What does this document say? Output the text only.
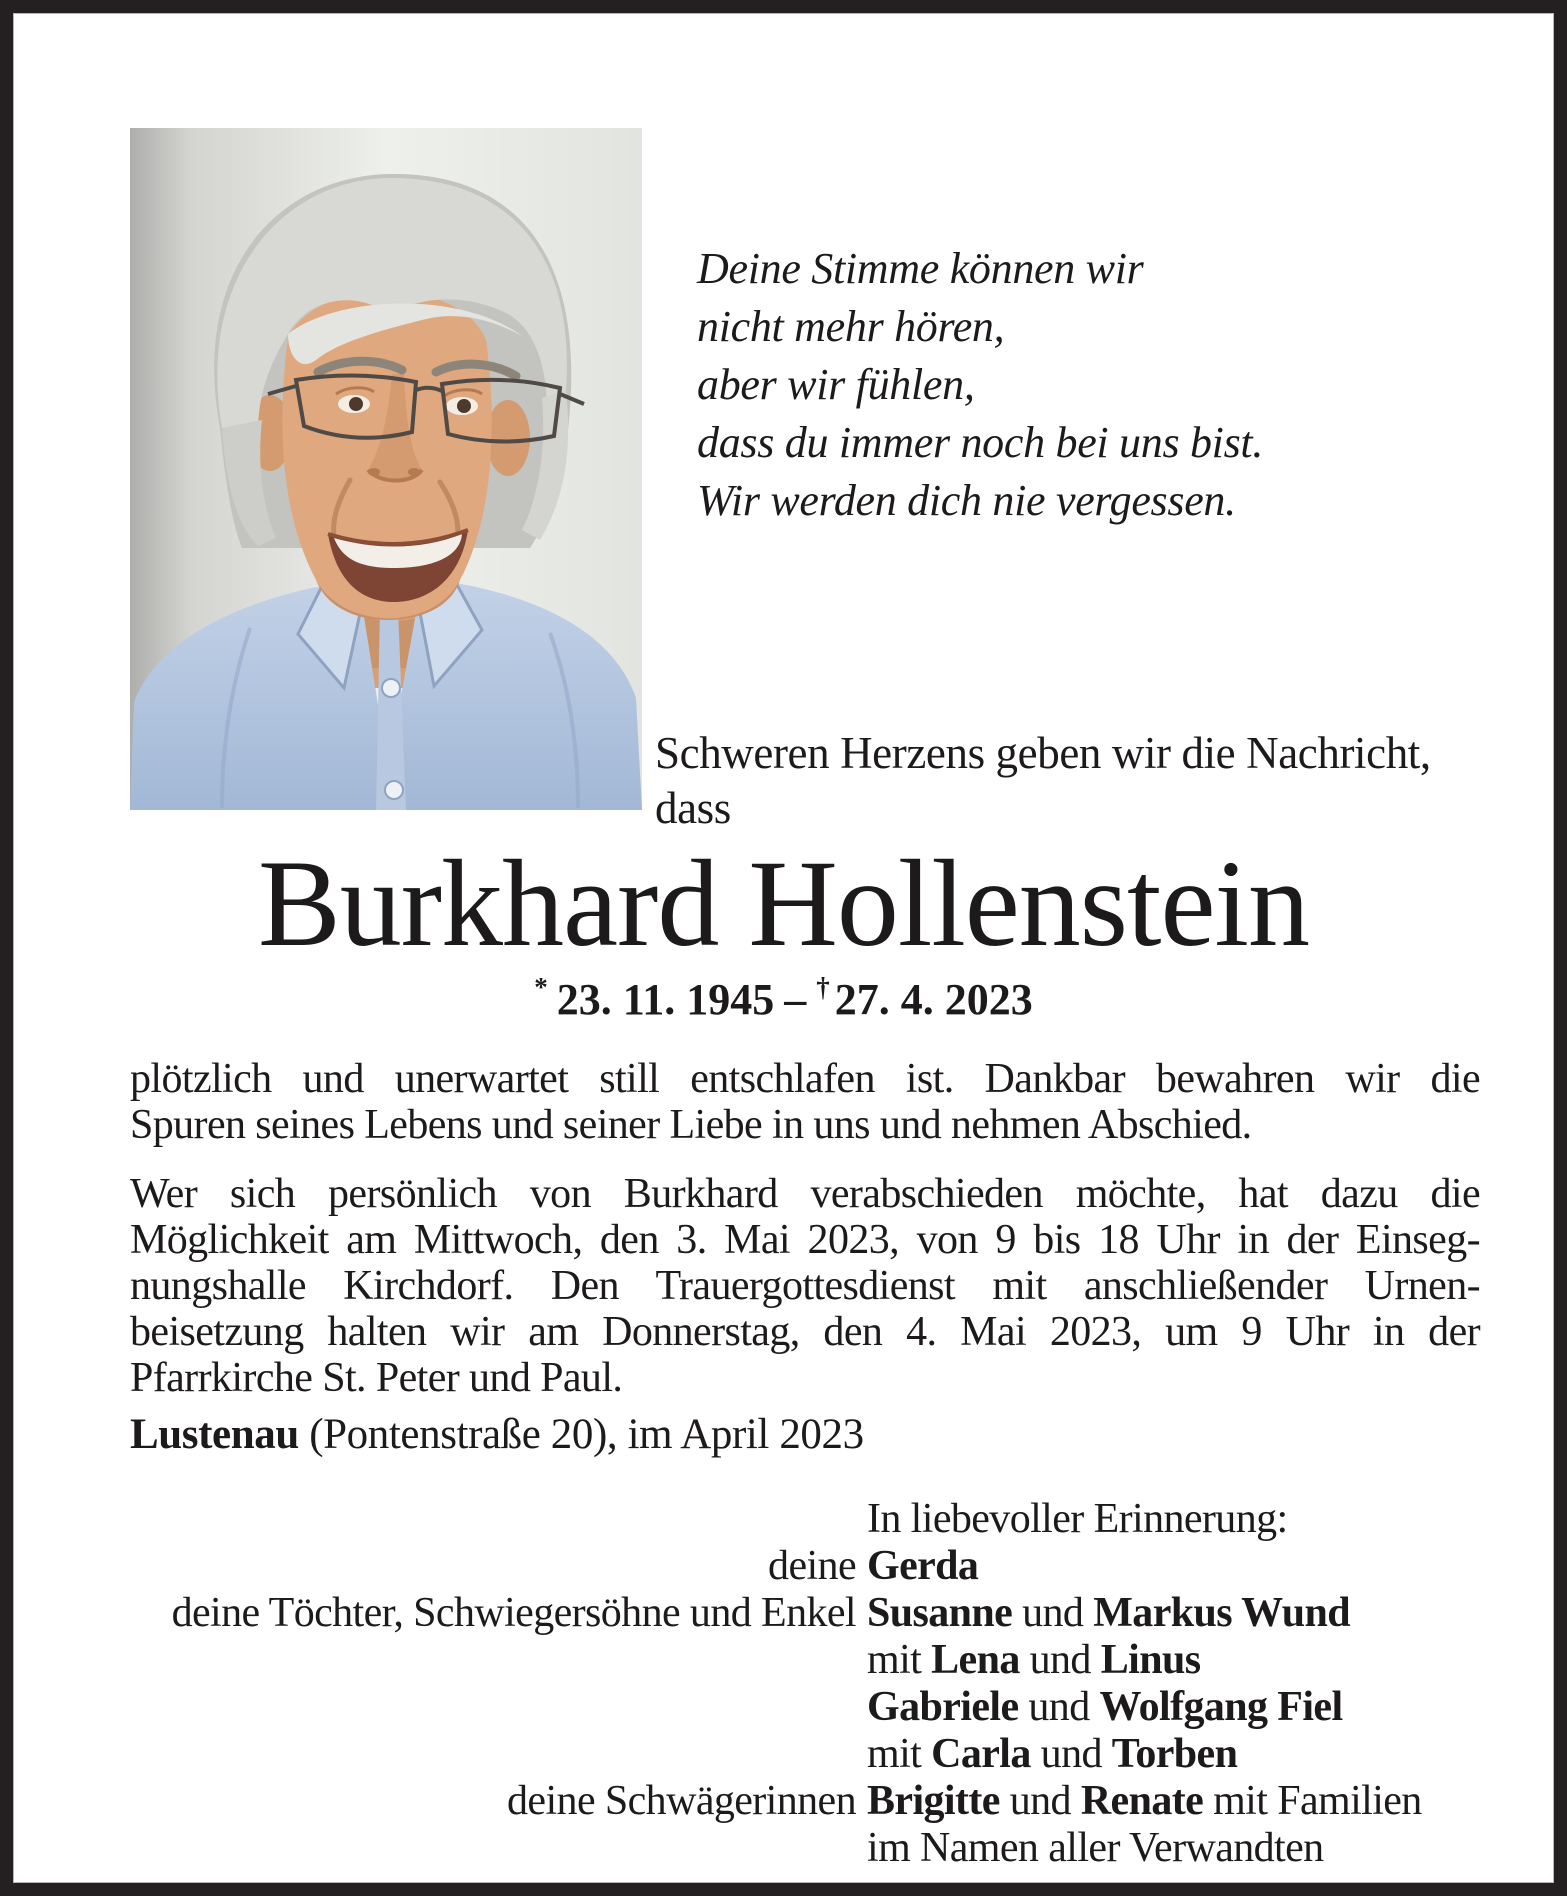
Deine Stimme können wir
nicht mehr hören,
aber wir fühlen,
dass du immer noch bei uns bist.
Wir werden dich nie vergessen.
Schweren Herzens geben wir die Nachricht,
dass
Burkhard Hollenstein
* 23. 11. 1945 – † 27. 4. 2023
plötzlich und unerwartet still entschlafen ist. Dankbar bewahren wir die
Spuren seines Lebens und seiner Liebe in uns und nehmen Abschied.
Wer sich persönlich von Burkhard verabschieden möchte, hat dazu die
Möglichkeit am Mittwoch, den 3. Mai 2023, von 9 bis 18 Uhr in der Einseg-
nungshalle Kirchdorf. Den Trauergottesdienst mit anschließender Urnen-
beisetzung halten wir am Donnerstag, den 4. Mai 2023, um 9 Uhr in der
Pfarrkirche St. Peter und Paul.
Lustenau (Pontenstraße 20), im April 2023
In liebevoller Erinnerung:
deine Gerda
deine Töchter, Schwiegersöhne und Enkel Susanne und Markus Wund
mit Lena und Linus
Gabriele und Wolfgang Fiel
mit Carla und Torben
deine Schwägerinnen Brigitte und Renate mit Familien
im Namen aller Verwandten
